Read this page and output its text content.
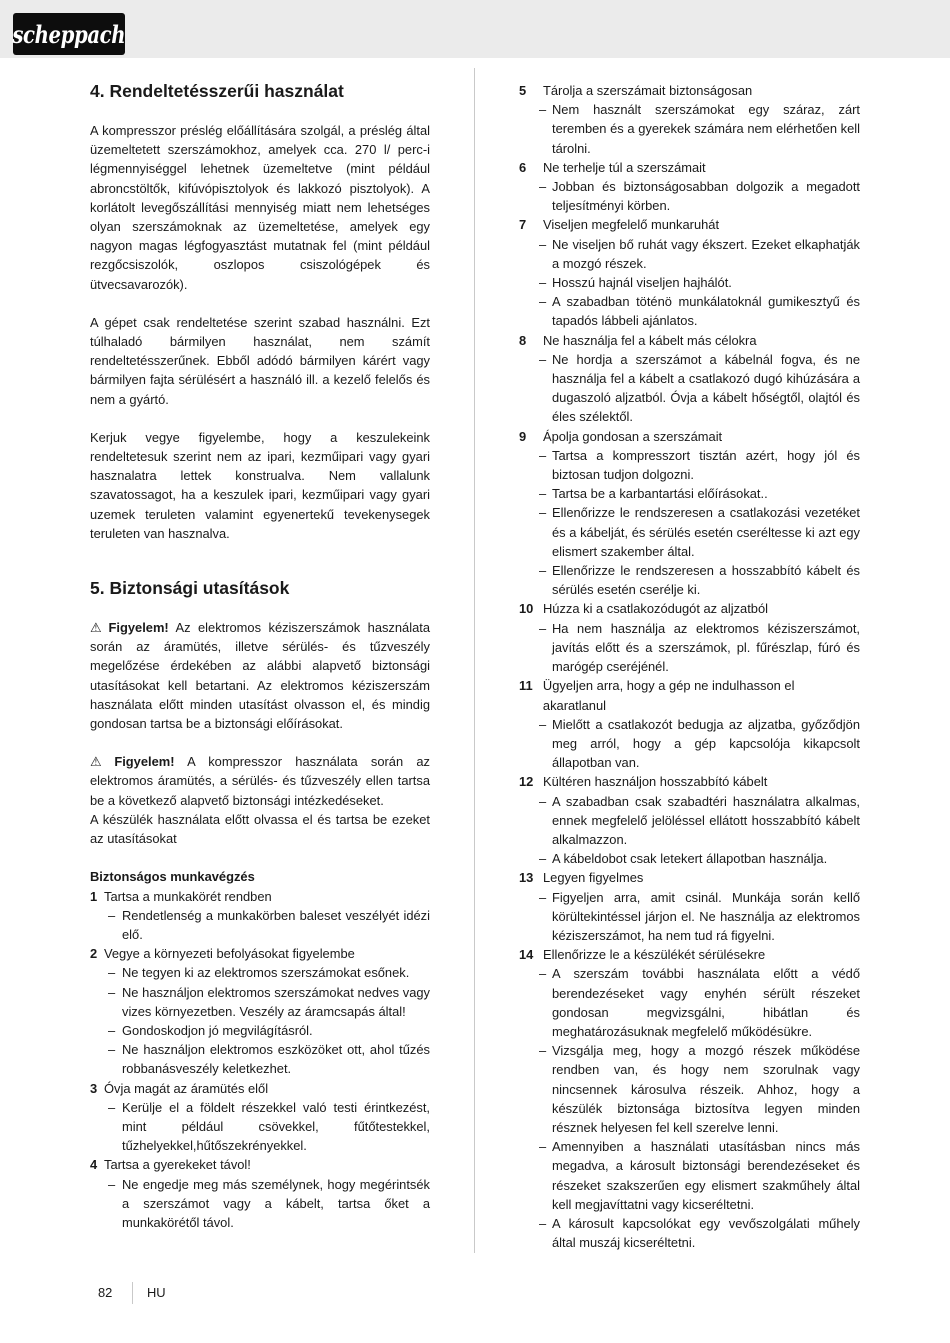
scheppach
4. Rendeltetésszerűi használat

A kompresszor préslég előállítására szolgál, a préslég által üzemeltetett szerszámokhoz, amelyek cca. 270 l/ perc-i légmennyiséggel lehetnek üzemeltetve (mint például abroncstöltők, kifúvópisztolyok és lakkozó pisztolyok). A korlátolt levegőszállítási mennyiség miatt nem lehetséges olyan szerszámoknak az üzemeltetése, amelyek egy nagyon magas légfogyasztást mutatnak fel (mint például rezgőcsiszolók, oszlopos csiszológépek és ütvecsavarozók).

A gépet csak rendeltetése szerint szabad használni. Ezt túlhaladó bármilyen használat, nem számít rendeltetésszerűnek. Ebből adódó bármilyen kárért vagy bármilyen fajta sérülésért a használó ill. a kezelő felelős és nem a gyártó.

Kerjuk vegye figyelembe, hogy a keszulekeink rendeltetesuk szerint nem az ipari, kezműipari vagy gyari hasznalatra lettek konstrualva. Nem vallalunk szavatossagot, ha a keszulek ipari, kezműipari vagy gyari uzemek teruleten valamint egyenertekű tevekenysegek teruleten van hasznalva.

5. Biztonsági utasítások

⚠ Figyelem! Az elektromos kéziszerszámok használata során az áramütés, illetve sérülés- és tűzveszély megelőzése érdekében az alábbi alapvető biztonsági utasításokat kell betartani. Az elektromos kéziszerszám használata előtt minden utasítást olvasson el, és mindig gondosan tartsa be a biztonsági előírásokat.

⚠ Figyelem! A kompresszor használata során az elektromos áramütés, a sérülés- és tűzveszély ellen tartsa be a következő alapvető biztonsági intézkedéseket.

A készülék használata előtt olvassa el és tartsa be ezeket az utasításokat

Biztonságos munkavégzés
1 Tartsa a munkakörét rendben
– Rendetlenség a munkakörben baleset veszélyét idézi elő.
2 Vegye a környezeti befolyásokat figyelembe
– Ne tegyen ki az elektromos szerszámokat esőnek.
– Ne használjon elektromos szerszámokat nedves vagy vizes környezetben. Veszély az áramcsapás által!
– Gondoskodjon jó megvilágításról.
– Ne használjon elektromos eszközöket ott, ahol tűzés robbanásveszély keletkezhet.
3 Óvja magát az áramütés elől
– Kerülje el a földelt részekkel való testi érintkezést, mint például csövekkel, fűtőtestekkel, tűzhelyekkel,hűtőszekrényekkel.
4 Tartsa a gyerekeket távol!
– Ne engedje meg más személynek, hogy megérintsék a szerszámot vagy a kábelt, tartsa őket a munkakörétől távol.
5	Tárolja a szerszámait biztonságosan
– Nem használt szerszámokat egy száraz, zárt teremben és a gyerekek számára nem elérhetően kell tárolni.
6	Ne terhelje túl a szerszámait
– Jobban és biztonságosabban dolgozik a megadott teljesítményi körben.
7	Viseljen megfelelő munkaruhát
– Ne viseljen bő ruhát vagy ékszert. Ezeket elkaphatják a mozgó részek.
– Hosszú hajnál viseljen hajhálót.
– A szabadban töténö munkálatoknál gumikesztyű és tapadós lábbeli ajánlatos.
8	Ne használja fel a kábelt más célokra
– Ne hordja a szerszámot a kábelnál fogva, és ne használja fel a kábelt a csatlakozó dugó kihúzására a dugaszoló aljzatból. Óvja a kábelt hőségtől, olajtól és éles szélektől.
9	Ápolja gondosan a szerszámait
– Tartsa a kompresszort tisztán azért, hogy jól és biztosan tudjon dolgozni.
– Tartsa be a karbantartási előírásokat..
– Ellenőrizze le rendszeresen a csatlakozási vezetéket és a kábelját, és sérülés esetén cseréltesse ki azt egy elismert szakember által.
– Ellenőrizze le rendszeresen a hosszabbító kábelt és sérülés esetén cserélje ki.
10 Húzza ki a csatlakozódugót az aljzatból
– Ha nem használja az elektromos kéziszerszámot, javítás előtt és a szerszámok, pl. fűrészlap, fúró és marógép cseréjénél.
11 Ügyeljen arra, hogy a gép ne indulhasson el akaratlanul
– Mielőtt a csatlakozót bedugja az aljzatba, győződjön meg arról, hogy a gép kapcsolója kikapcsolt állapotban van.
12 Kültéren használjon hosszabbító kábelt
– A szabadban csak szabadtéri használatra alkalmas, ennek megfelelő jelöléssel ellátott hosszabbító kábelt alkalmazzon.
– A kábeldobot csak letekert állapotban használja.
13 Legyen figyelmes
– Figyeljen arra, amit csinál. Munkája során kellő körültekintéssel járjon el. Ne használja az elektromos kéziszerszámot, ha nem tud rá figyelni.
14 Ellenőrizze le a készülékét sérülésekre
– A szerszám további használata előtt a védő berendezéseket vagy enyhén sérült részeket gondosan megvizsgálni, hibátlan és meghatározásuknak megfelelő működésükre.
– Vizsgálja meg, hogy a mozgó részek működése rendben van, és hogy nem szorulnak vagy nincsennek károsulva részeik. Ahhoz, hogy a készülék biztonsága biztosítva legyen minden résznek helyesen fel kell szerelve lenni.
– Amennyiben a használati utasításban nincs más megadva, a károsult biztonsági berendezéseket és részeket szakszerűen egy elismert szakműhely által kell megjavíttatni vagy kicseréltetni.
– A károsult kapcsolókat egy vevőszolgálati műhely által muszáj kicseréltetni.
82	HU
